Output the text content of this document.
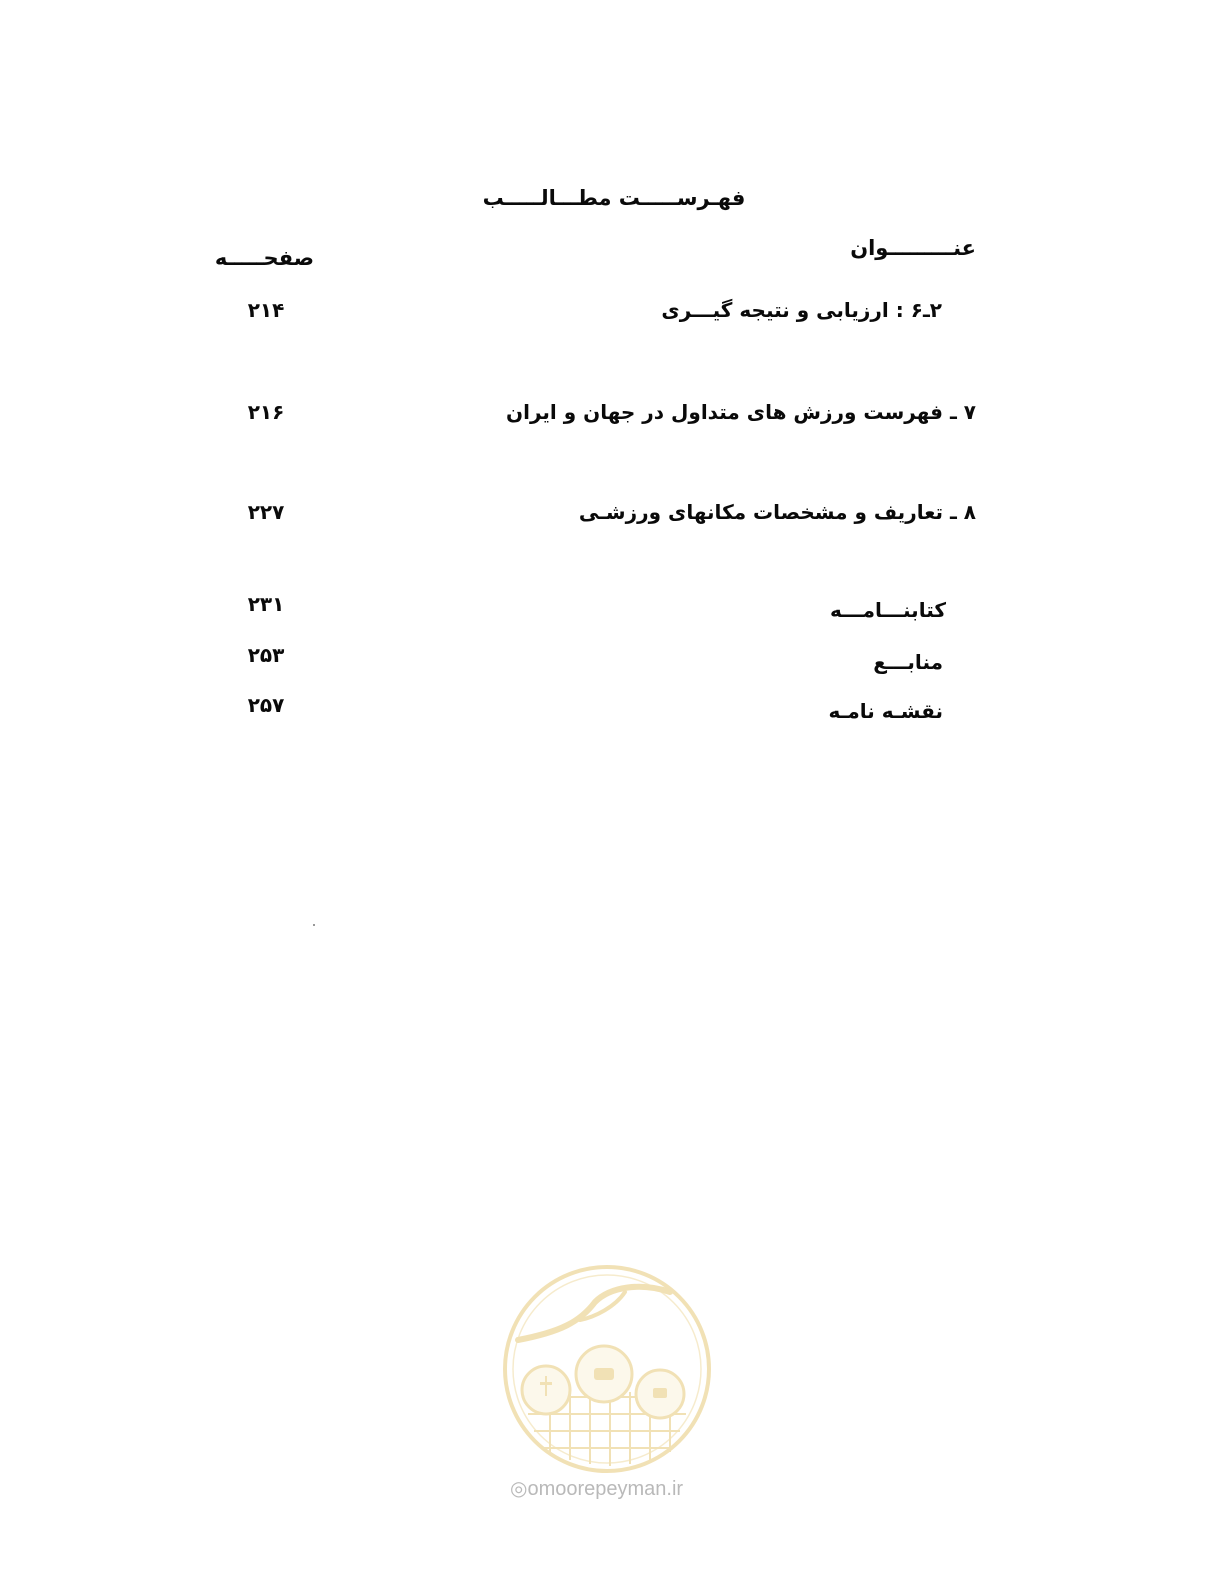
فهـرســـــت مطـــالـــــب
عنـــــــــوان
صفحـــــه
۲ـ۶ : ارزیابی و نتیجه گیـــری
۲۱۴
۷ ـ فهرست ورزش های متداول در جهان و ایران
۲۱۶
۸ ـ تعاریف و مشخصات مکانهای ورزشـی
۲۲۷
کتابنـــامـــه
۲۳۱
منابـــع
۲۵۳
نقشـه نامـه
۲۵۷
◎omoorepeyman.ir
